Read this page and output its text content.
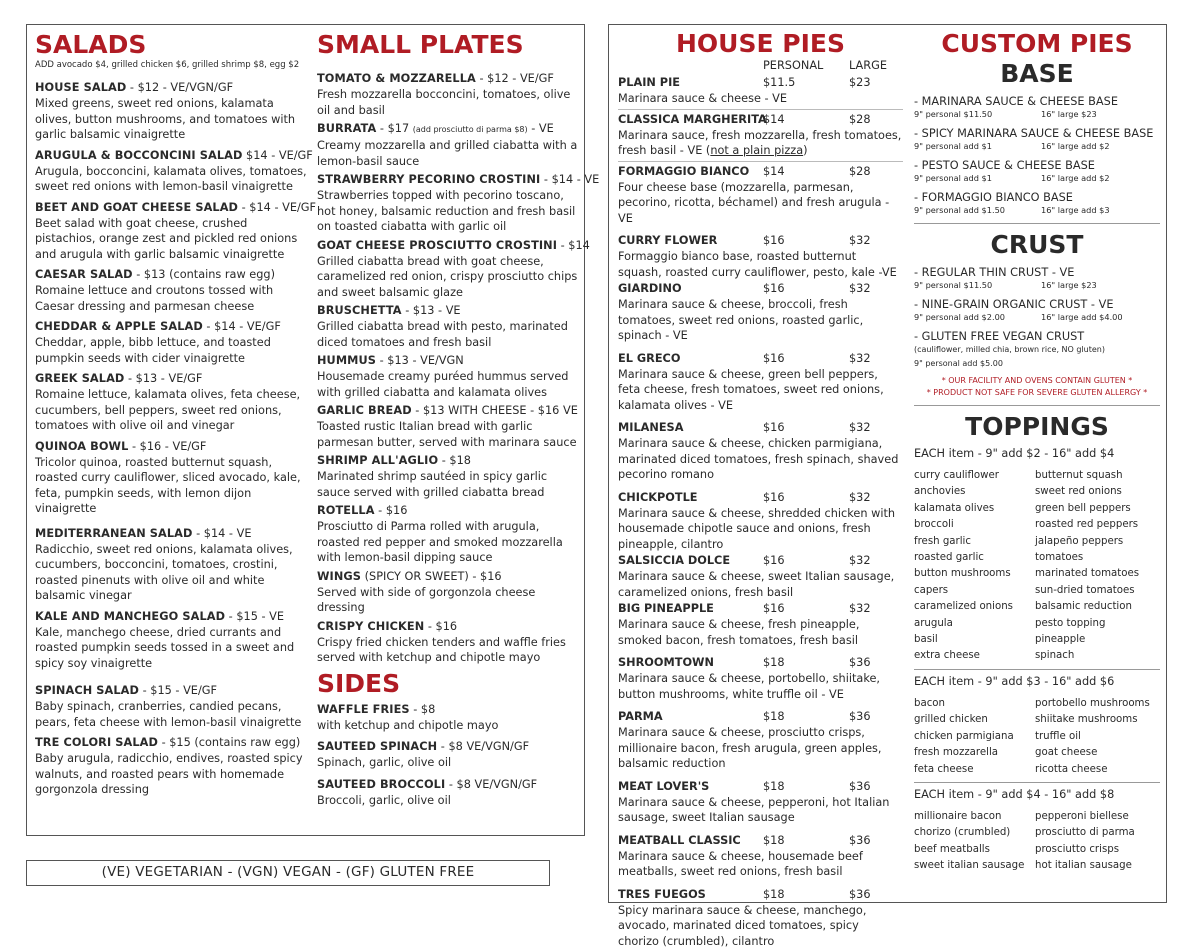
SALADS

ADD avocado $4, grilled chicken $6, grilled shrimp $8, egg $2

HOUSE SALAD - $12 - VE/VGN/GF
Mixed greens, sweet red onions, kalamata olives, button mushrooms, and tomatoes with garlic balsamic vinaigrette
ARUGULA & BOCCONCINI SALAD $14 - VE/GF
Arugula, bocconcini, kalamata olives, tomatoes, sweet red onions with lemon-basil vinaigrette
BEET AND GOAT CHEESE SALAD - $14 - VE/GF
Beet salad with goat cheese, crushed pistachios, orange zest and pickled red onions and arugula with garlic balsamic vinaigrette
CAESAR SALAD - $13 (contains raw egg)
Romaine lettuce and croutons tossed with Caesar dressing and parmesan cheese
CHEDDAR & APPLE SALAD - $14 - VE/GF
Cheddar, apple, bibb lettuce, and toasted pumpkin seeds with cider vinaigrette
GREEK SALAD - $13 - VE/GF
Romaine lettuce, kalamata olives, feta cheese, cucumbers, bell peppers, sweet red onions, tomatoes with olive oil and vinegar
QUINOA BOWL - $16 - VE/GF
Tricolor quinoa, roasted butternut squash, roasted curry cauliflower, sliced avocado, kale, feta, pumpkin seeds, with lemon dijon vinaigrette
MEDITERRANEAN SALAD - $14 - VE
Radicchio, sweet red onions, kalamata olives, cucumbers, bocconcini, tomatoes, crostini, roasted pinenuts with olive oil and white balsamic vinegar
KALE AND MANCHEGO SALAD - $15 - VE
Kale, manchego cheese, dried currants and roasted pumpkin seeds tossed in a sweet and spicy soy vinaigrette
SPINACH SALAD - $15 - VE/GF
Baby spinach, cranberries, candied pecans, pears, feta cheese with lemon-basil vinaigrette
TRE COLORI SALAD - $15 (contains raw egg)
Baby arugula, radicchio, endives, roasted spicy walnuts, and roasted pears with homemade gorgonzola dressing
SMALL PLATES
TOMATO & MOZZARELLA - $12 - VE/GF
Fresh mozzarella bocconcini, tomatoes, olive oil and basil
BURRATA - $17 (add prosciutto di parma $8) - VE
Creamy mozzarella and grilled ciabatta with a lemon-basil sauce
STRAWBERRY PECORINO CROSTINI - $14 - VE
Strawberries topped with pecorino toscano, hot honey, balsamic reduction and fresh basil on toasted ciabatta with garlic oil
GOAT CHEESE PROSCIUTTO CROSTINI - $14
Grilled ciabatta bread with goat cheese, caramelized red onion, crispy prosciutto chips and sweet balsamic glaze
BRUSCHETTA - $13 - VE
Grilled ciabatta bread with pesto, marinated diced tomatoes and fresh basil
HUMMUS - $13 - VE/VGN
Housemade creamy puréed hummus served with grilled ciabatta and kalamata olives
GARLIC BREAD - $13 WITH CHEESE - $16 VE
Toasted rustic Italian bread with garlic parmesan butter, served with marinara sauce
SHRIMP ALL'AGLIO - $18
Marinated shrimp sautéed in spicy garlic sauce served with grilled ciabatta bread
ROTELLA - $16
Prosciutto di Parma rolled with arugula, roasted red pepper and smoked mozzarella with lemon-basil dipping sauce
WINGS (SPICY OR SWEET) - $16
Served with side of gorgonzola cheese dressing
CRISPY CHICKEN - $16
Crispy fried chicken tenders and waffle fries served with ketchup and chipotle mayo
SIDES
WAFFLE FRIES - $8
with ketchup and chipotle mayo
SAUTEED SPINACH - $8 VE/VGN/GF
Spinach, garlic, olive oil
SAUTEED BROCCOLI - $8 VE/VGN/GF
Broccoli, garlic, olive oil
(VE) VEGETARIAN - (VGN) VEGAN - (GF) GLUTEN FREE
HOUSE PIES
PERSONAL LARGE
PLAIN PIE	$11.5	$23
Marinara sauce & cheese - VE
CLASSICA MARGHERITA
$14	$28
Marinara sauce, fresh mozzarella, fresh tomatoes, fresh basil - VE (not a plain pizza)
FORMAGGIO BIANCO $14	$28
Four cheese base (mozzarella, parmesan, pecorino, ricotta, béchamel) and fresh arugula - VE
CURRY FLOWER	$16	$32
Formaggio bianco base, roasted butternut squash, roasted curry cauliflower, pesto, kale -VE
GIARDINO	$16	$32
Marinara sauce & cheese, broccoli, fresh tomatoes, sweet red onions, roasted garlic, spinach - VE
EL GRECO	$16	$32
Marinara sauce & cheese, green bell peppers, feta cheese, fresh tomatoes, sweet red onions, kalamata olives - VE
MILANESA	$16	$32
Marinara sauce & cheese, chicken parmigiana, marinated diced tomatoes, fresh spinach, shaved pecorino romano
CHICKPOTLE	$16	$32
Marinara sauce & cheese, shredded chicken with housemade chipotle sauce and onions, fresh pineapple, cilantro
SALSICCIA DOLCE	$16	$32
Marinara sauce & cheese, sweet Italian sausage, caramelized onions, fresh basil
BIG PINEAPPLE	$16	$32
Marinara sauce & cheese, fresh pineapple, smoked bacon, fresh tomatoes, fresh basil
SHROOMTOWN	$18	$36
Marinara sauce & cheese, portobello, shiitake, button mushrooms, white truffle oil - VE
PARMA	$18	$36
Marinara sauce & cheese, prosciutto crisps, millionaire bacon, fresh arugula, green apples, balsamic reduction
MEAT LOVER'S	$18	$36
Marinara sauce & cheese, pepperoni, hot Italian sausage, sweet Italian sausage
MEATBALL CLASSIC $18	$36
Marinara sauce & cheese, housemade beef meatballs, sweet red onions, fresh basil
TRES FUEGOS	$18	$36
Spicy marinara sauce & cheese, manchego, avocado, marinated diced tomatoes, spicy chorizo (crumbled), cilantro
CUSTOM PIES
BASE
- MARINARA SAUCE & CHEESE BASE
9" personal $11.50	16" large $23
- SPICY MARINARA SAUCE & CHEESE BASE
9" personal add $1	16" large add $2
- PESTO SAUCE & CHEESE BASE
9" personal add $1	16" large add $2
- FORMAGGIO BIANCO BASE
9" personal add $1.50	16" large add $3
CRUST
- REGULAR THIN CRUST - VE
9" personal $11.50	16" large $23
- NINE-GRAIN ORGANIC CRUST - VE
9" personal add $2.00	16" large add $4.00
- GLUTEN FREE VEGAN CRUST
(cauliflower, milled chia, brown rice, NO gluten)
9" personal add $5.00
* OUR FACILITY AND OVENS CONTAIN GLUTEN *
* PRODUCT NOT SAFE FOR SEVERE GLUTEN ALLERGY *
TOPPINGS
EACH item - 9" add $2 - 16" add $4
curry cauliflower	butternut squash
anchovies	sweet red onions
kalamata olives	green bell peppers
broccoli	roasted red peppers
fresh garlic	jalapeño peppers
roasted garlic	tomatoes
button mushrooms	marinated tomatoes
capers	sun-dried tomatoes
caramelized onions	balsamic reduction
arugula	pesto topping
basil	pineapple
extra cheese	spinach
EACH item - 9" add $3 - 16" add $6
bacon	portobello mushrooms
grilled chicken	shiitake mushrooms
chicken parmigiana	truffle oil
fresh mozzarella	goat cheese
feta cheese	ricotta cheese
EACH item - 9" add $4 - 16" add $8
millionaire bacon	pepperoni biellese
chorizo (crumbled)	prosciutto di parma
beef meatballs	prosciutto crisps
sweet italian sausage	hot italian sausage
